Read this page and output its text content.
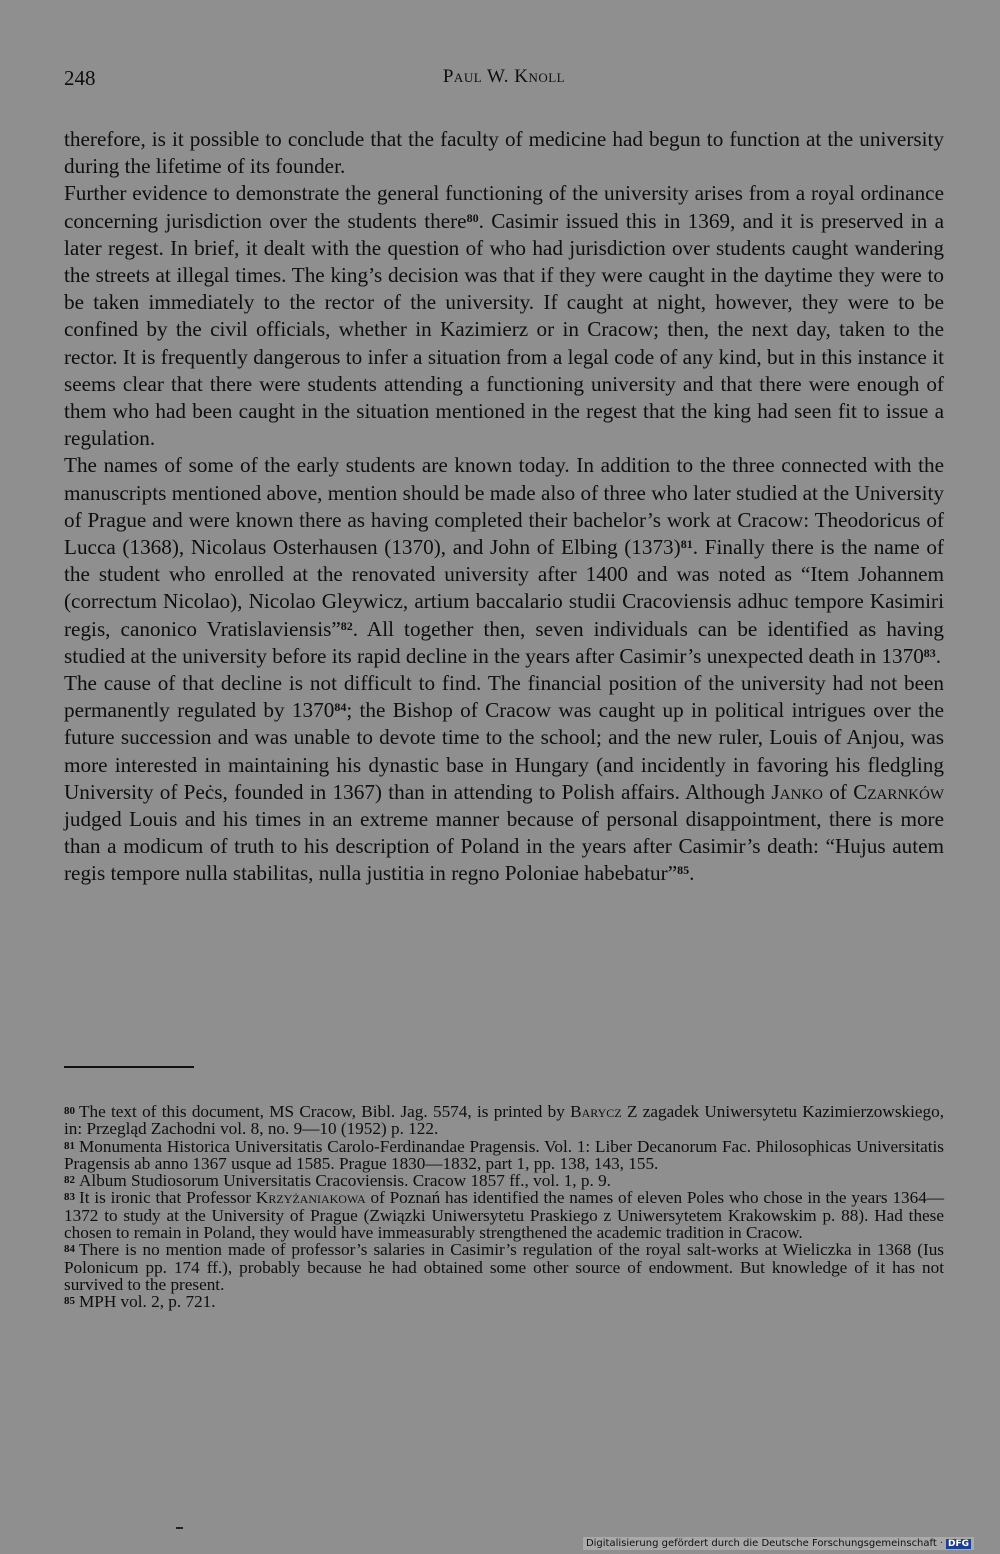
248	Paul W. Knoll

therefore, is it possible to conclude that the faculty of medicine had begun to function at the university during the lifetime of its founder.

Further evidence to demonstrate the general functioning of the university arises from a royal ordinance concerning jurisdiction over the students there$^{80}$. Casimir issued this in 1369, and it is preserved in a later regest. In brief, it dealt with the question of who had jurisdiction over students caught wandering the streets at illegal times. The king’s decision was that if they were caught in the daytime they were to be taken immediately to the rector of the university. If caught at night, however, they were to be confined by the civil officials, whether in Kazimierz or in Cracow; then, the next day, taken to the rector. It is frequently dangerous to infer a situation from a legal code of any kind, but in this instance it seems clear that there were students attending a functioning university and that there were enough of them who had been caught in the situation mentioned in the regest that the king had seen fit to issue a regulation.

The names of some of the early students are known today. In addition to the three connected with the manuscripts mentioned above, mention should be made also of three who later studied at the University of Prague and were known there as having completed their bachelor’s work at Cracow: Theodoricus of Lucca (1368), Nicolaus Osterhausen (1370), and John of Elbing (1373)$^{81}$. Finally there is the name of the student who enrolled at the renovated university after 1400 and was noted as “Item Johannem (correctum Nicolao), Nicolao Gleywicz, artium baccalario studii Cracoviensis adhuc tempore Kasimiri regis, canonico Vratislaviensis”$^{82}$. All together then, seven individuals can be identified as having studied at the university before its rapid decline in the years after Casimir’s unexpected death in 1370$^{83}$.

The cause of that decline is not difficult to find. The financial position of the university had not been permanently regulated by 1370$^{84}$; the Bishop of Cracow was caught up in political intrigues over the future succession and was unable to devote time to the school; and the new ruler, Louis of Anjou, was more interested in maintaining his dynastic base in Hungary (and incidently in favoring his fledgling University of Peċs, founded in 1367) than in attending to Polish affairs. Although Janko of Czarnków judged Louis and his times in an extreme manner because of personal disappointment, there is more than a modicum of truth to his description of Poland in the years after Casimir’s death: “Hujus autem regis tempore nulla stabilitas, nulla justitia in regno Poloniae habebatur”$^{85}$.

$^{80}$ The text of this document, MS Cracow, Bibl. Jag. 5574, is printed by Barycz Z zagadek Uniwersytetu Kazimierzowskiego, in: Przegląd Zachodni vol. 8, no. 9—10 (1952) p. 122.

$^{81}$ Monumenta Historica Universitatis Carolo-Ferdinandae Pragensis. Vol. 1: Liber Decanorum Fac. Philosophicas Universitatis Pragensis ab anno 1367 usque ad 1585. Prague 1830—1832, part 1, pp. 138, 143, 155.

$^{82}$ Album Studiosorum Universitatis Cracoviensis. Cracow 1857 ff., vol. 1, p. 9.

$^{83}$ It is ironic that Professor Krzyżaniakowa of Poznań has identified the names of eleven Poles who chose in the years 1364—1372 to study at the University of Prague (Związki Uniwersytetu Praskiego z Uniwersytetem Krakowskim p. 88). Had these chosen to remain in Poland, they would have immeasurably strengthened the academic tradition in Cracow.

$^{84}$ There is no mention made of professor’s salaries in Casimir’s regulation of the royal salt-works at Wieliczka in 1368 (Ius Polonicum pp. 174 ff.), probably because he had obtained some other source of endowment. But knowledge of it has not survived to the present.

$^{85}$ MPH vol. 2, p. 721.

Digitalisierung gefördert durch die Deutsche Forschungsgemeinschaft · DFG
